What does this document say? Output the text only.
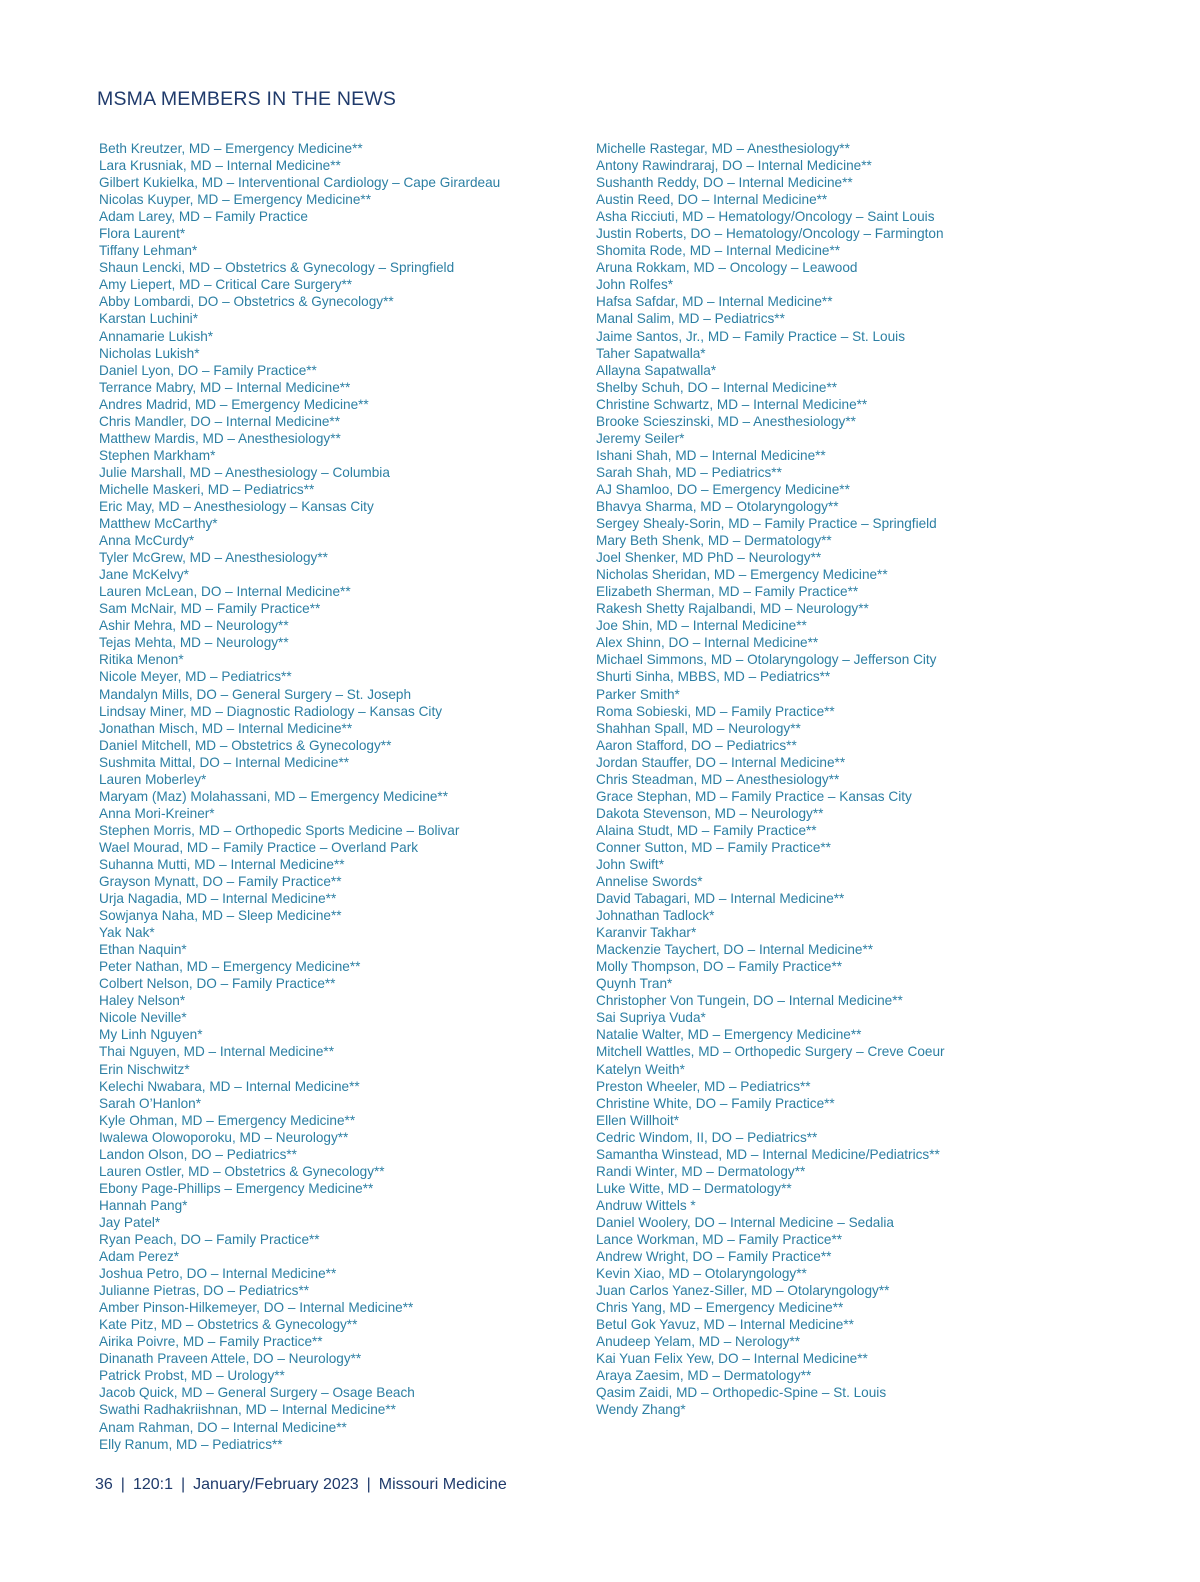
MSMA MEMBERS IN THE NEWS
Beth Kreutzer, MD – Emergency Medicine**
Lara Krusniak, MD – Internal Medicine**
Gilbert Kukielka, MD – Interventional Cardiology – Cape Girardeau
Nicolas Kuyper, MD – Emergency Medicine**
Adam Larey, MD – Family Practice
Flora Laurent*
Tiffany Lehman*
Shaun Lencki, MD – Obstetrics & Gynecology – Springfield
Amy Liepert, MD – Critical Care Surgery**
Abby Lombardi, DO – Obstetrics & Gynecology**
Karstan Luchini*
Annamarie Lukish*
Nicholas Lukish*
Daniel Lyon, DO – Family Practice**
Terrance Mabry, MD – Internal Medicine**
Andres Madrid, MD – Emergency Medicine**
Chris Mandler, DO – Internal Medicine**
Matthew Mardis, MD – Anesthesiology**
Stephen Markham*
Julie Marshall, MD – Anesthesiology – Columbia
Michelle Maskeri, MD – Pediatrics**
Eric May, MD – Anesthesiology – Kansas City
Matthew McCarthy*
Anna McCurdy*
Tyler McGrew, MD – Anesthesiology**
Jane McKelvy*
Lauren McLean, DO – Internal Medicine**
Sam McNair, MD – Family Practice**
Ashir Mehra, MD – Neurology**
Tejas Mehta, MD – Neurology**
Ritika Menon*
Nicole Meyer, MD – Pediatrics**
Mandalyn Mills, DO – General Surgery – St. Joseph
Lindsay Miner, MD – Diagnostic Radiology – Kansas City
Jonathan Misch, MD – Internal Medicine**
Daniel Mitchell, MD – Obstetrics & Gynecology**
Sushmita Mittal, DO – Internal Medicine**
Lauren Moberley*
Maryam (Maz) Molahassani, MD – Emergency Medicine**
Anna Mori-Kreiner*
Stephen Morris, MD – Orthopedic Sports Medicine – Bolivar
Wael Mourad, MD – Family Practice – Overland Park
Suhanna Mutti, MD – Internal Medicine**
Grayson Mynatt, DO – Family Practice**
Urja Nagadia, MD – Internal Medicine**
Sowjanya Naha, MD – Sleep Medicine**
Yak Nak*
Ethan Naquin*
Peter Nathan, MD – Emergency Medicine**
Colbert Nelson, DO – Family Practice**
Haley Nelson*
Nicole Neville*
My Linh Nguyen*
Thai Nguyen, MD – Internal Medicine**
Erin Nischwitz*
Kelechi Nwabara, MD – Internal Medicine**
Sarah O’Hanlon*
Kyle Ohman, MD – Emergency Medicine**
Iwalewa Olowoporoku, MD – Neurology**
Landon Olson, DO – Pediatrics**
Lauren Ostler, MD – Obstetrics & Gynecology**
Ebony Page-Phillips – Emergency Medicine**
Hannah Pang*
Jay Patel*
Ryan Peach, DO – Family Practice**
Adam Perez*
Joshua Petro, DO – Internal Medicine**
Julianne Pietras, DO – Pediatrics**
Amber Pinson-Hilkemeyer, DO – Internal Medicine**
Kate Pitz, MD – Obstetrics & Gynecology**
Airika Poivre, MD – Family Practice**
Dinanath Praveen Attele, DO – Neurology**
Patrick Probst, MD – Urology**
Jacob Quick, MD – General Surgery – Osage Beach
Swathi Radhakriishnan, MD – Internal Medicine**
Anam Rahman, DO – Internal Medicine**
Elly Ranum, MD – Pediatrics**
Michelle Rastegar, MD – Anesthesiology**
Antony Rawindraraj, DO – Internal Medicine**
Sushanth Reddy, DO – Internal Medicine**
Austin Reed, DO – Internal Medicine**
Asha Ricciuti, MD – Hematology/Oncology – Saint Louis
Justin Roberts, DO – Hematology/Oncology – Farmington
Shomita Rode, MD – Internal Medicine**
Aruna Rokkam, MD – Oncology – Leawood
John Rolfes*
Hafsa Safdar, MD – Internal Medicine**
Manal Salim, MD – Pediatrics**
Jaime Santos, Jr., MD – Family Practice – St. Louis
Taher Sapatwalla*
Allayna Sapatwalla*
Shelby Schuh, DO – Internal Medicine**
Christine Schwartz, MD – Internal Medicine**
Brooke Scieszinski, MD – Anesthesiology**
Jeremy Seiler*
Ishani Shah, MD – Internal Medicine**
Sarah Shah, MD – Pediatrics**
AJ Shamloo, DO – Emergency Medicine**
Bhavya Sharma, MD – Otolaryngology**
Sergey Shealy-Sorin, MD – Family Practice – Springfield
Mary Beth Shenk, MD – Dermatology**
Joel Shenker, MD PhD – Neurology**
Nicholas Sheridan, MD – Emergency Medicine**
Elizabeth Sherman, MD – Family Practice**
Rakesh Shetty Rajalbandi, MD – Neurology**
Joe Shin, MD – Internal Medicine**
Alex Shinn, DO – Internal Medicine**
Michael Simmons, MD – Otolaryngology – Jefferson City
Shurti Sinha, MBBS, MD – Pediatrics**
Parker Smith*
Roma Sobieski, MD – Family Practice**
Shahhan Spall, MD – Neurology**
Aaron Stafford, DO – Pediatrics**
Jordan Stauffer, DO – Internal Medicine**
Chris Steadman, MD – Anesthesiology**
Grace Stephan, MD – Family Practice – Kansas City
Dakota Stevenson, MD – Neurology**
Alaina Studt, MD – Family Practice**
Conner Sutton, MD – Family Practice**
John Swift*
Annelise Swords*
David Tabagari, MD – Internal Medicine**
Johnathan Tadlock*
Karanvir Takhar*
Mackenzie Taychert, DO – Internal Medicine**
Molly Thompson, DO – Family Practice**
Quynh Tran*
Christopher Von Tungein, DO – Internal Medicine**
Sai Supriya Vuda*
Natalie Walter, MD – Emergency Medicine**
Mitchell Wattles, MD – Orthopedic Surgery – Creve Coeur
Katelyn Weith*
Preston Wheeler, MD – Pediatrics**
Christine White, DO – Family Practice**
Ellen Willhoit*
Cedric Windom, II, DO – Pediatrics**
Samantha Winstead, MD – Internal Medicine/Pediatrics**
Randi Winter, MD – Dermatology**
Luke Witte, MD – Dermatology**
Andruw Wittels *
Daniel Woolery, DO – Internal Medicine – Sedalia
Lance Workman, MD – Family Practice**
Andrew Wright, DO – Family Practice**
Kevin Xiao, MD – Otolaryngology**
Juan Carlos Yanez-Siller, MD – Otolaryngology**
Chris Yang, MD – Emergency Medicine**
Betul Gok Yavuz, MD – Internal Medicine**
Anudeep Yelam, MD – Nerology**
Kai Yuan Felix Yew, DO – Internal Medicine**
Araya Zaesim, MD – Dermatology**
Qasim Zaidi, MD – Orthopedic-Spine – St. Louis
Wendy Zhang*
36 | 120:1 | January/February 2023 | Missouri Medicine
